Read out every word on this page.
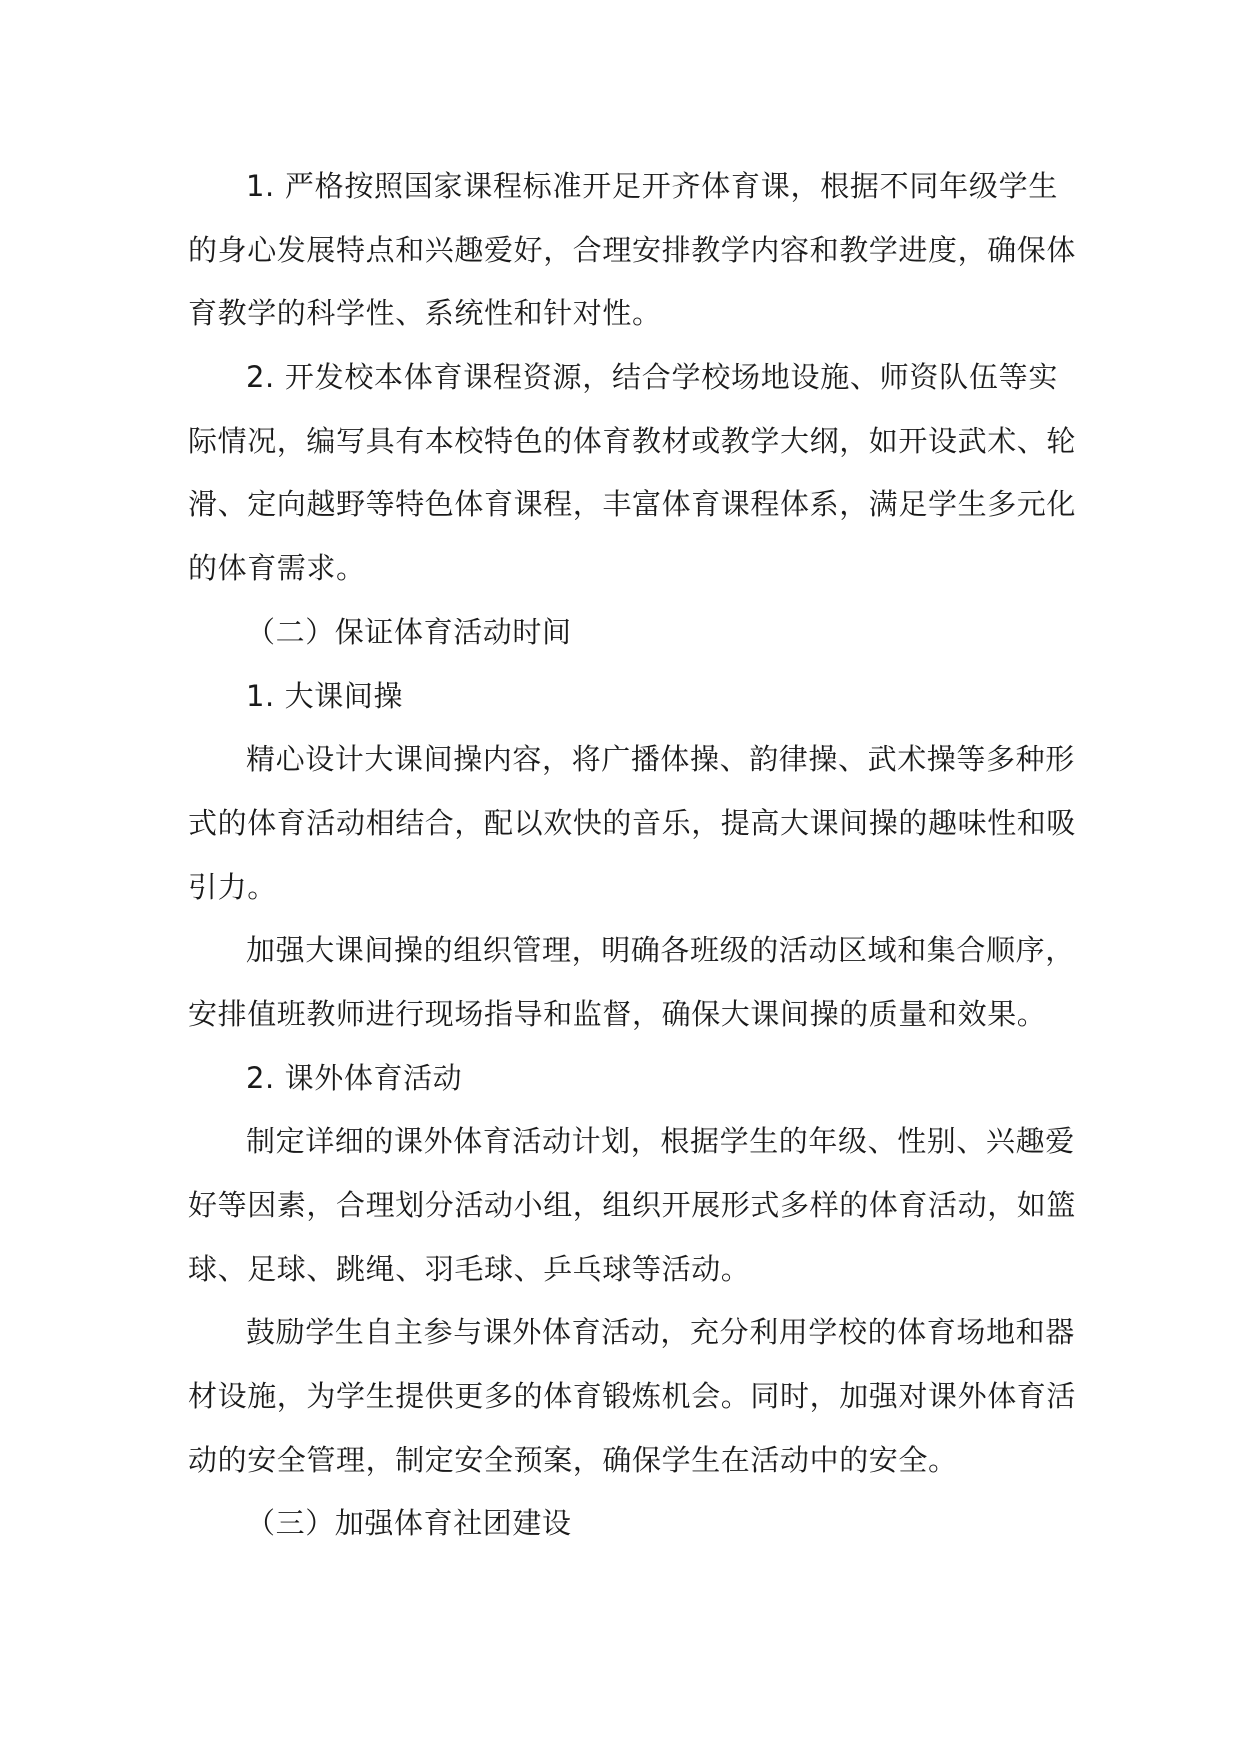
1. 严格按照国家课程标准开足开齐体育课，根据不同年级学生
的身心发展特点和兴趣爱好，合理安排教学内容和教学进度，确保体
育教学的科学性、系统性和针对性。
2. 开发校本体育课程资源，结合学校场地设施、师资队伍等实
际情况，编写具有本校特色的体育教材或教学大纲，如开设武术、轮
滑、定向越野等特色体育课程，丰富体育课程体系，满足学生多元化
的体育需求。
（二）保证体育活动时间
1. 大课间操
精心设计大课间操内容，将广播体操、韵律操、武术操等多种形
式的体育活动相结合，配以欢快的音乐，提高大课间操的趣味性和吸
引力。
加强大课间操的组织管理，明确各班级的活动区域和集合顺序，
安排值班教师进行现场指导和监督，确保大课间操的质量和效果。
2. 课外体育活动
制定详细的课外体育活动计划，根据学生的年级、性别、兴趣爱
好等因素，合理划分活动小组，组织开展形式多样的体育活动，如篮
球、足球、跳绳、羽毛球、乒乓球等活动。
鼓励学生自主参与课外体育活动，充分利用学校的体育场地和器
材设施，为学生提供更多的体育锻炼机会。同时，加强对课外体育活
动的安全管理，制定安全预案，确保学生在活动中的安全。
（三）加强体育社团建设
